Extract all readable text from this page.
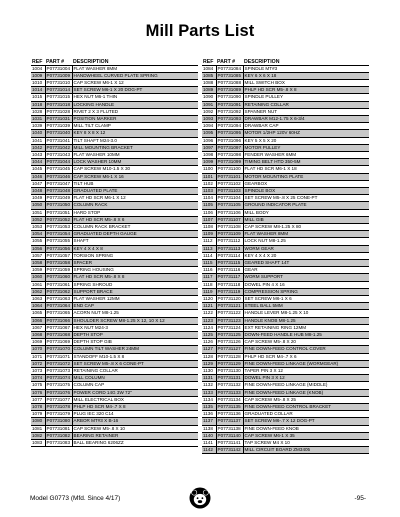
Mill Parts List
REF	PART #	DESCRIPTION
1004	P07731004	FLAT WASHER 8MM
1009	P07731009	HANDWHEEL CURVED PLATE SPRING
1010	P07731010	CAP SCREW M6-1 X 12
1014	P07731014	SET SCREW M6-1 X 20 DOG-PT
1015	P07731015	HEX NUT M6-1 THIN
1018	P07731018	LOCKING HANDLE
1028	P07731028	RIVET 2 X 3 FLUTED
1031	P07731031	POSITION MARKER
1039	P07731039	MILL TILT CLAMP
1040	P07731040	KEY 8 X 8 X 12
1041	P07731041	TILT SHAFT M24-3.0
1042	P07731042	MILL MOUNTING BRACKET
1043	P07731043	FLAT WASHER 10MM
1044	P07731044	LOCK WASHER 10MM
1045	P07731045	CAP SCREW M10-1.5 X 30
1046	P07731046	CAP SCREW M6-1 X 16
1047	P07731047	TILT HUB
1048	P07731048	GRADUATED PLATE
1049	P07731049	FLAT HD SCR M6-1 X 12
1050	P07731050	COLUMN RACK
1051	P07731051	HARD STOP
1052	P07731052	FLAT HD SCR M5-.8 X 6
1053	P07731053	COLUMN RACK BRACKET
1054	P07731054	GRADUATED DEPTH GAUGE
1055	P07731055	SHAFT
1056	P07731056	KEY 4 X 4 X 8
1057	P07731057	TORSION SPRING
1058	P07731058	SPACER
1059	P07731059	SPRING HOUSING
1060	P07731060	FLAT HD SCR M5-.8 X 8
1061	P07731061	SPRING SHROUD
1062	P07731062	SUPPORT BRACE
1063	P07731063	FLAT WASHER 12MM
1064	P07731064	END CAP
1065	P07731065	ACORN NUT M8-1.25
1066	P07731066	SHOULDER SCREW M8-1.25 X 12, 10 X 12
1067	P07731067	HEX NUT M24-3
1068	P07731068	DEPTH STOP
1069	P07731069	DEPTH STOP GIB
1070	P07731070	COLUMN TILT WASHER 24MM
1071	P07731071	STANDOFF M10-1.5 X 8
1072	P07731072	SET SCREW M5-.8 X 6 CONE-PT
1073	P07731073	RETAINING COLLAR
1074	P07731074	MILL COLUMN
1075	P07731075	COLUMN CAP
1076	P07731076	POWER CORD 14G 3W 72"
1077	P07731077	MILL ELECTRICAL BOX
1078	P07731078	PHLP HD SCR M4-.7 X 8
1079	P07731079	PLUG IEC 320 C14
1080	P07731080	ARBOR MT#3 X B-16
1081	P07731081	CAP SCREW M5-.8 X 10
1082	P07731082	BEARING RETAINER
1083	P07731083	BALL BEARING 6206ZZ
REF	PART #	DESCRIPTION
1084	P07731084	SPINDLE MT#3
1085	P07731085	KEY 6 X 6 X 18
1088	P07731088	MILL SWITCH BOX
1089	P07731089	PHLP HD SCR M5-.8 X 8
1090	P07731090	SPINDLE PULLEY
1091	P07731091	RETAINING COLLAR
1092	P07731092	SPANNER NUT
1093	P07731093	DRAWBAR M12-1.75 X 6-3/4
1094	P07731094	DRAWBAR CAP
1095	P07731095	MOTOR 1/2HP 120V 60HZ
1096	P07731096	KEY 5 X 5 X 20
1097	P07731097	MOTOR PULLEY
1098	P07731098	FENDER WASHER 6MM
1099	P07731099	TIMING BELT HTD 350-5M
1100	P07731100	FLAT HD SCR M6-1 X 18
1101	P07731101	MOTOR MOUNTING PLATE
1102	P07731102	GEARBOX
1103	P07731103	SPINDLE BOX
1104	P07731104	SET SCREW M5-.8 X 25 CONE-PT
1105	P07731105	GROUND INDICATOR PLATE
1106	P07731106	MILL BODY
1107	P07731107	MILL GIB
1108	P07731108	CAP SCREW M8-1.25 X 80
1109	P07731109	FLAT WASHER 8MM
1112	P07731112	LOCK NUT M8-1.25
1113	P07731113	WORM GEAR
1114	P07731114	KEY 4 X 4 X 20
1115	P07731115	GEARED SHAFT 14T
1116	P07731116	GEAR
1117	P07731117	WORM SUPPORT
1118	P07731118	DOWEL PIN 4 X 16
1119	P07731119	COMPRESSION SPRING
1120	P07731120	SET SCREW M6-1 X 6
1121	P07731121	STEEL BALL 5MM
1122	P07731122	HANDLE LEVER M8-1.25 X 10
1123	P07731123	HANDLE KNOB M8-1.25
1124	P07731124	EXT RETAINING RING 12MM
1125	P07731125	DOWN-FEED HANDLE HUB M8-1.25
1126	P07731126	CAP SCREW M5-.8 X 20
1127	P07731127	FINE DOWN-FEED CONTROL COVER
1128	P07731128	PHLP HD SCR M4-.7 X 6
1129	P07731129	FINE DOWN-FEED LINKAGE (WORMGEAR)
1130	P07731130	TAPER PIN 3 X 12
1131	P07731131	DOWEL PIN 3 X 12
1132	P07731132	FINE DOWN-FEED LINKAGE (MIDDLE)
1133	P07731133	FINE DOWN-FEED LINKAGE (KNOB)
1134	P07731134	CAP SCREW M5-.8 X 25
1135	P07731135	FINE DOWN-FEED CONTROL BRACKET
1136	P07731136	GRADUATED COLLAR
1137	P07731137	SET SCREW M6-.7 X 12 DOG-PT
1138	P07731138	FINE DOWN-FEED KNOB
1140	P07731140	CAP SCREW M6-1 X 35
1141	P07731141	TAP SCREW M4 X 10
1142	P07731142	MILL CIRCUIT BOARD ZM3405
Model G0773 (Mfd. Since 4/17)	-95-
